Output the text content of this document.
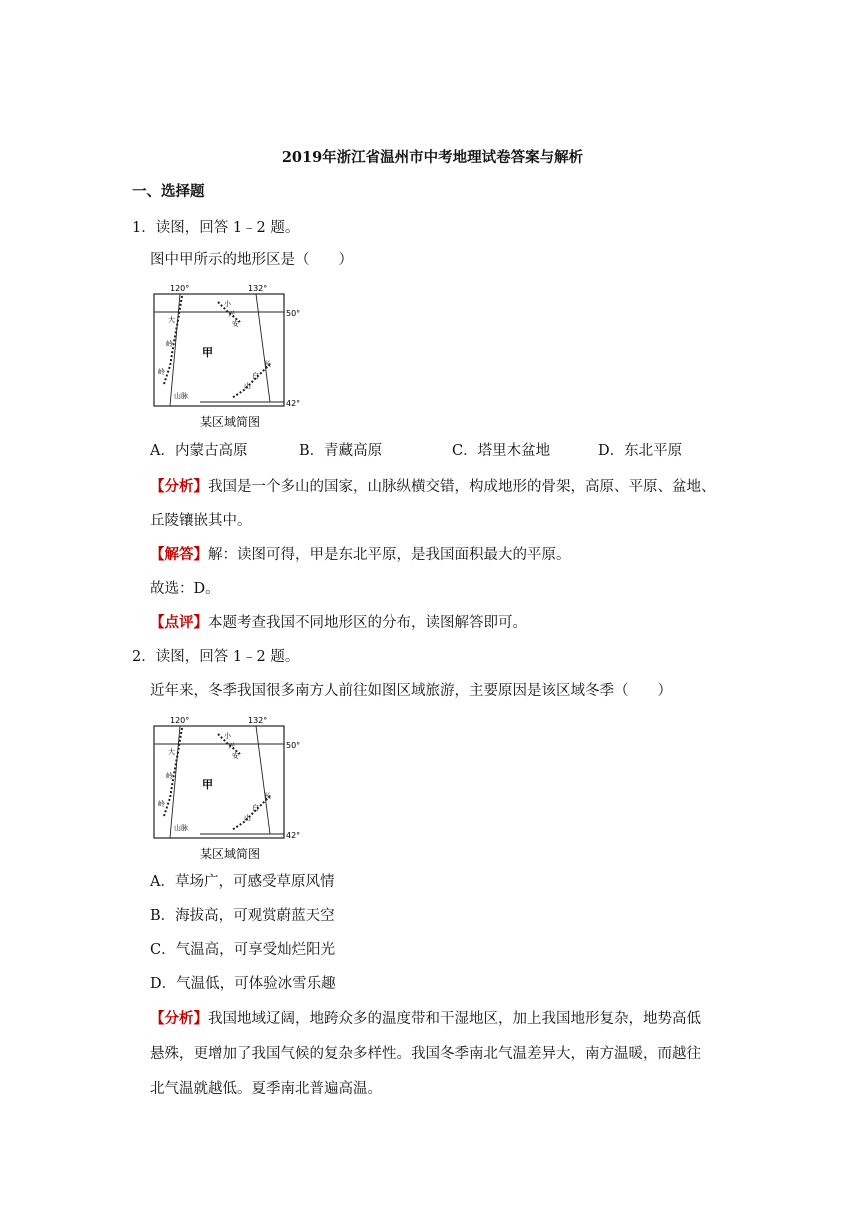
2019年浙江省温州市中考地理试卷答案与解析
一、选择题
1．读图，回答 1﹣2 题。
图中甲所示的地形区是（　　）
120°	132°
50°
42°
甲
山脉
小
兴
安
长
白
山
大
岭
岭
某区域简图
A．内蒙古高原	B．青藏高原	C．塔里木盆地	D．东北平原
【分析】我国是一个多山的国家，山脉纵横交错，构成地形的骨架，高原、平原、盆地、
丘陵镶嵌其中。
【解答】解：读图可得，甲是东北平原，是我国面积最大的平原。
故选：D。
【点评】本题考查我国不同地形区的分布，读图解答即可。
2．读图，回答 1﹣2 题。
近年来，冬季我国很多南方人前往如图区域旅游，主要原因是该区域冬季（　　）
120°	132°
50°
42°
甲
山脉
小
兴
安
长
白
山
大
岭
岭
某区域简图
A．草场广，可感受草原风情
B．海拔高，可观赏蔚蓝天空
C．气温高，可享受灿烂阳光
D．气温低，可体验冰雪乐趣
【分析】我国地域辽阔，地跨众多的温度带和干湿地区，加上我国地形复杂，地势高低
悬殊，更增加了我国气候的复杂多样性。我国冬季南北气温差异大，南方温暖，而越往
北气温就越低。夏季南北普遍高温。
